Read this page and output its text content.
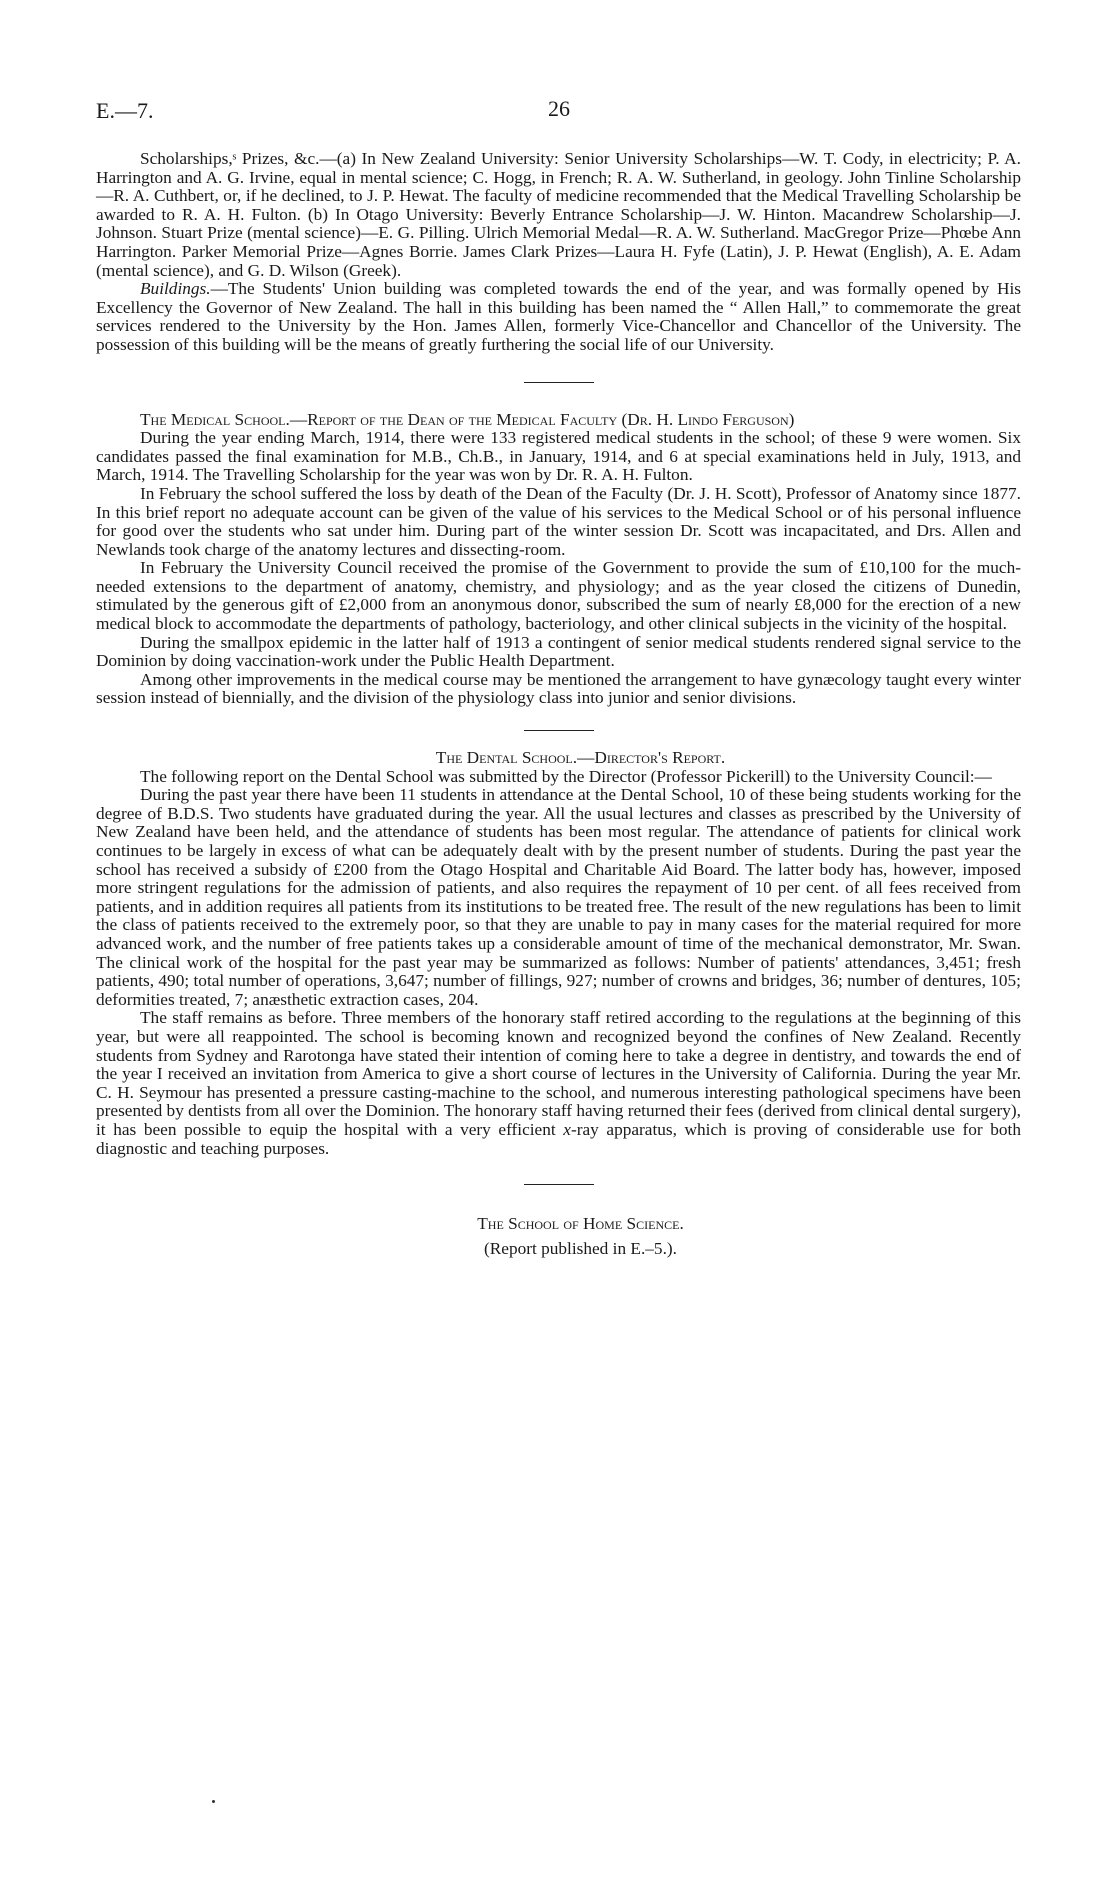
E.—7.	26

Scholarships,ˢ Prizes, &c.—(a) In New Zealand University: Senior University Scholarships—W. T. Cody, in electricity; P. A. Harrington and A. G. Irvine, equal in mental science; C. Hogg, in French; R. A. W. Sutherland, in geology. John Tinline Scholarship—R. A. Cuthbert, or, if he declined, to J. P. Hewat. The faculty of medicine recommended that the Medical Travelling Scholarship be awarded to R. A. H. Fulton. (b) In Otago University: Beverly Entrance Scholarship—J. W. Hinton. Macandrew Scholarship—J. Johnson. Stuart Prize (mental science)—E. G. Pilling. Ulrich Memorial Medal—R. A. W. Sutherland. MacGregor Prize—Phœbe Ann Harrington. Parker Memorial Prize—Agnes Borrie. James Clark Prizes—Laura H. Fyfe (Latin), J. P. Hewat (English), A. E. Adam (mental science), and G. D. Wilson (Greek).

Buildings.—The Students' Union building was completed towards the end of the year, and was formally opened by His Excellency the Governor of New Zealand. The hall in this building has been named the “ Allen Hall,” to commemorate the great services rendered to the University by the Hon. James Allen, formerly Vice-Chancellor and Chancellor of the University. The possession of this building will be the means of greatly furthering the social life of our University.

The Medical School.—Report of the Dean of the Medical Faculty (Dr. H. Lindo Ferguson)

During the year ending March, 1914, there were 133 registered medical students in the school; of these 9 were women. Six candidates passed the final examination for M.B., Ch.B., in January, 1914, and 6 at special examinations held in July, 1913, and March, 1914. The Travelling Scholarship for the year was won by Dr. R. A. H. Fulton.

In February the school suffered the loss by death of the Dean of the Faculty (Dr. J. H. Scott), Professor of Anatomy since 1877. In this brief report no adequate account can be given of the value of his services to the Medical School or of his personal influence for good over the students who sat under him. During part of the winter session Dr. Scott was incapacitated, and Drs. Allen and Newlands took charge of the anatomy lectures and dissecting-room.

In February the University Council received the promise of the Government to provide the sum of £10,100 for the much-needed extensions to the department of anatomy, chemistry, and physiology; and as the year closed the citizens of Dunedin, stimulated by the generous gift of £2,000 from an anonymous donor, subscribed the sum of nearly £8,000 for the erection of a new medical block to accommodate the departments of pathology, bacteriology, and other clinical subjects in the vicinity of the hospital.

During the smallpox epidemic in the latter half of 1913 a contingent of senior medical students rendered signal service to the Dominion by doing vaccination-work under the Public Health Department.

Among other improvements in the medical course may be mentioned the arrangement to have gynæcology taught every winter session instead of biennially, and the division of the physiology class into junior and senior divisions.

The Dental School.—Director's Report.

The following report on the Dental School was submitted by the Director (Professor Pickerill) to the University Council:—

During the past year there have been 11 students in attendance at the Dental School, 10 of these being students working for the degree of B.D.S. Two students have graduated during the year. All the usual lectures and classes as prescribed by the University of New Zealand have been held, and the attendance of students has been most regular. The attendance of patients for clinical work continues to be largely in excess of what can be adequately dealt with by the present number of students. During the past year the school has received a subsidy of £200 from the Otago Hospital and Charitable Aid Board. The latter body has, however, imposed more stringent regulations for the admission of patients, and also requires the repayment of 10 per cent. of all fees received from patients, and in addition requires all patients from its institutions to be treated free. The result of the new regulations has been to limit the class of patients received to the extremely poor, so that they are unable to pay in many cases for the material required for more advanced work, and the number of free patients takes up a considerable amount of time of the mechanical demonstrator, Mr. Swan. The clinical work of the hospital for the past year may be summarized as follows: Number of patients' attendances, 3,451; fresh patients, 490; total number of operations, 3,647; number of fillings, 927; number of crowns and bridges, 36; number of dentures, 105; deformities treated, 7; anæsthetic extraction cases, 204.

The staff remains as before. Three members of the honorary staff retired according to the regulations at the beginning of this year, but were all reappointed. The school is becoming known and recognized beyond the confines of New Zealand. Recently students from Sydney and Rarotonga have stated their intention of coming here to take a degree in dentistry, and towards the end of the year I received an invitation from America to give a short course of lectures in the University of California. During the year Mr. C. H. Seymour has presented a pressure casting-machine to the school, and numerous interesting pathological specimens have been presented by dentists from all over the Dominion. The honorary staff having returned their fees (derived from clinical dental surgery), it has been possible to equip the hospital with a very efficient x-ray apparatus, which is proving of considerable use for both diagnostic and teaching purposes.

The School of Home Science.

(Report published in E.–5.).
